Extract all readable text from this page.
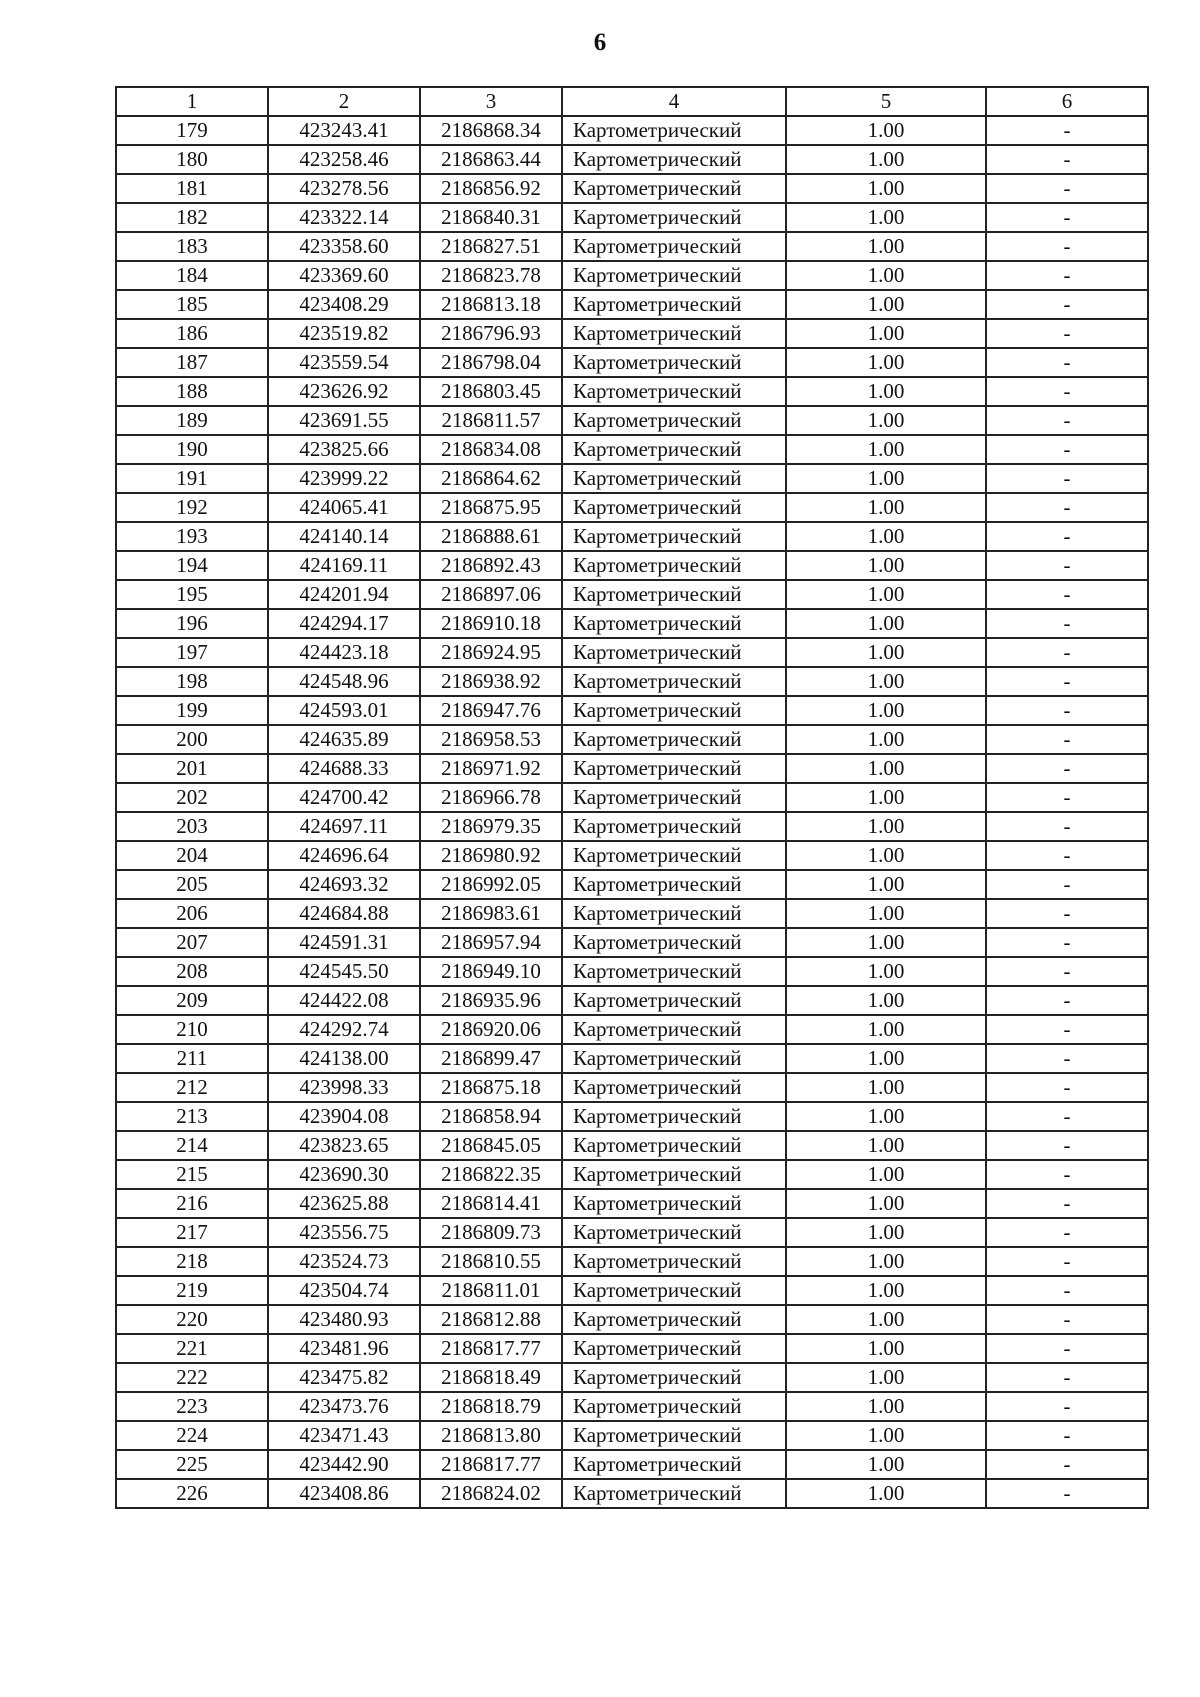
6
1	2	3	4	5	6
179	423243.41	2186868.34	Картометрический	1.00	-
180	423258.46	2186863.44	Картометрический	1.00	-
181	423278.56	2186856.92	Картометрический	1.00	-
182	423322.14	2186840.31	Картометрический	1.00	-
183	423358.60	2186827.51	Картометрический	1.00	-
184	423369.60	2186823.78	Картометрический	1.00	-
185	423408.29	2186813.18	Картометрический	1.00	-
186	423519.82	2186796.93	Картометрический	1.00	-
187	423559.54	2186798.04	Картометрический	1.00	-
188	423626.92	2186803.45	Картометрический	1.00	-
189	423691.55	2186811.57	Картометрический	1.00	-
190	423825.66	2186834.08	Картометрический	1.00	-
191	423999.22	2186864.62	Картометрический	1.00	-
192	424065.41	2186875.95	Картометрический	1.00	-
193	424140.14	2186888.61	Картометрический	1.00	-
194	424169.11	2186892.43	Картометрический	1.00	-
195	424201.94	2186897.06	Картометрический	1.00	-
196	424294.17	2186910.18	Картометрический	1.00	-
197	424423.18	2186924.95	Картометрический	1.00	-
198	424548.96	2186938.92	Картометрический	1.00	-
199	424593.01	2186947.76	Картометрический	1.00	-
200	424635.89	2186958.53	Картометрический	1.00	-
201	424688.33	2186971.92	Картометрический	1.00	-
202	424700.42	2186966.78	Картометрический	1.00	-
203	424697.11	2186979.35	Картометрический	1.00	-
204	424696.64	2186980.92	Картометрический	1.00	-
205	424693.32	2186992.05	Картометрический	1.00	-
206	424684.88	2186983.61	Картометрический	1.00	-
207	424591.31	2186957.94	Картометрический	1.00	-
208	424545.50	2186949.10	Картометрический	1.00	-
209	424422.08	2186935.96	Картометрический	1.00	-
210	424292.74	2186920.06	Картометрический	1.00	-
211	424138.00	2186899.47	Картометрический	1.00	-
212	423998.33	2186875.18	Картометрический	1.00	-
213	423904.08	2186858.94	Картометрический	1.00	-
214	423823.65	2186845.05	Картометрический	1.00	-
215	423690.30	2186822.35	Картометрический	1.00	-
216	423625.88	2186814.41	Картометрический	1.00	-
217	423556.75	2186809.73	Картометрический	1.00	-
218	423524.73	2186810.55	Картометрический	1.00	-
219	423504.74	2186811.01	Картометрический	1.00	-
220	423480.93	2186812.88	Картометрический	1.00	-
221	423481.96	2186817.77	Картометрический	1.00	-
222	423475.82	2186818.49	Картометрический	1.00	-
223	423473.76	2186818.79	Картометрический	1.00	-
224	423471.43	2186813.80	Картометрический	1.00	-
225	423442.90	2186817.77	Картометрический	1.00	-
226	423408.86	2186824.02	Картометрический	1.00	-
